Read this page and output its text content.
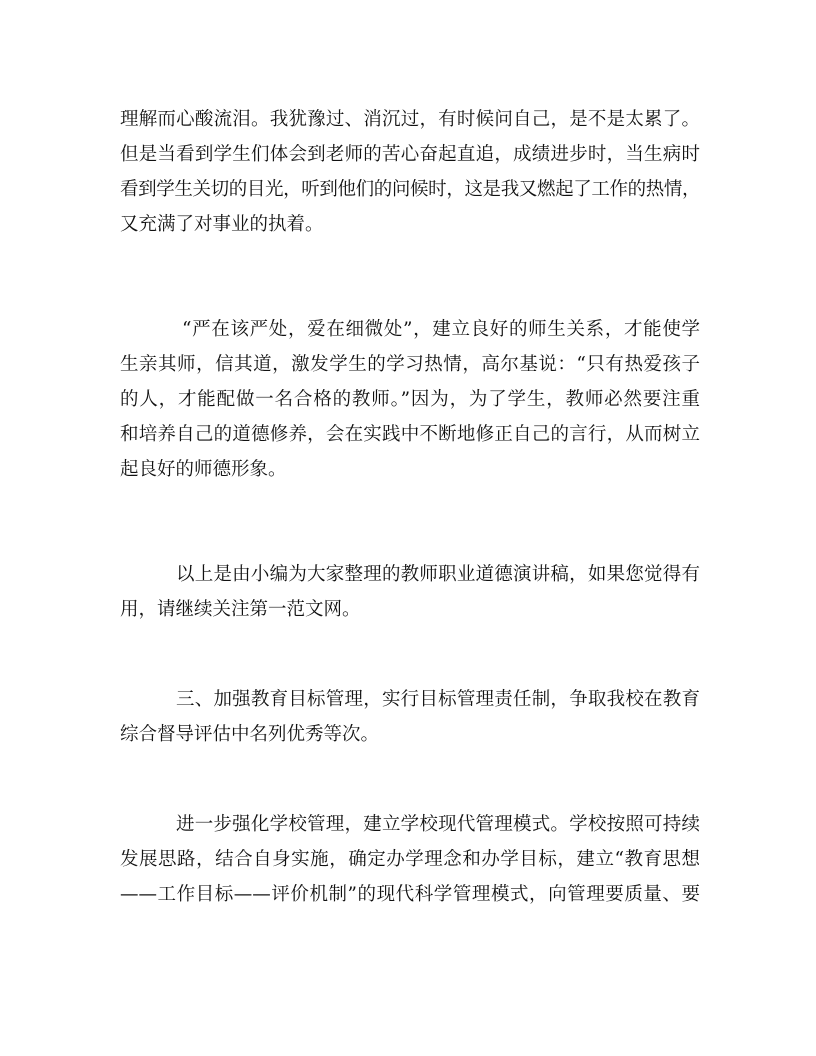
理解而心酸流泪。我犹豫过、消沉过，有时候问自己，是不是太累了。
但是当看到学生们体会到老师的苦心奋起直追，成绩进步时，当生病时
看到学生关切的目光，听到他们的问候时，这是我又燃起了工作的热情，
又充满了对事业的执着。
“严在该严处，爱在细微处”，建立良好的师生关系，才能使学
生亲其师，信其道，激发学生的学习热情，高尔基说：“只有热爱孩子
的人，才能配做一名合格的教师。”因为，为了学生，教师必然要注重
和培养自己的道德修养，会在实践中不断地修正自己的言行，从而树立
起良好的师德形象。
以上是由小编为大家整理的教师职业道德演讲稿，如果您觉得有
用，请继续关注第一范文网。
三、加强教育目标管理，实行目标管理责任制，争取我校在教育
综合督导评估中名列优秀等次。
进一步强化学校管理，建立学校现代管理模式。学校按照可持续
发展思路，结合自身实施，确定办学理念和办学目标，建立“教育思想
——工作目标——评价机制”的现代科学管理模式，向管理要质量、要
